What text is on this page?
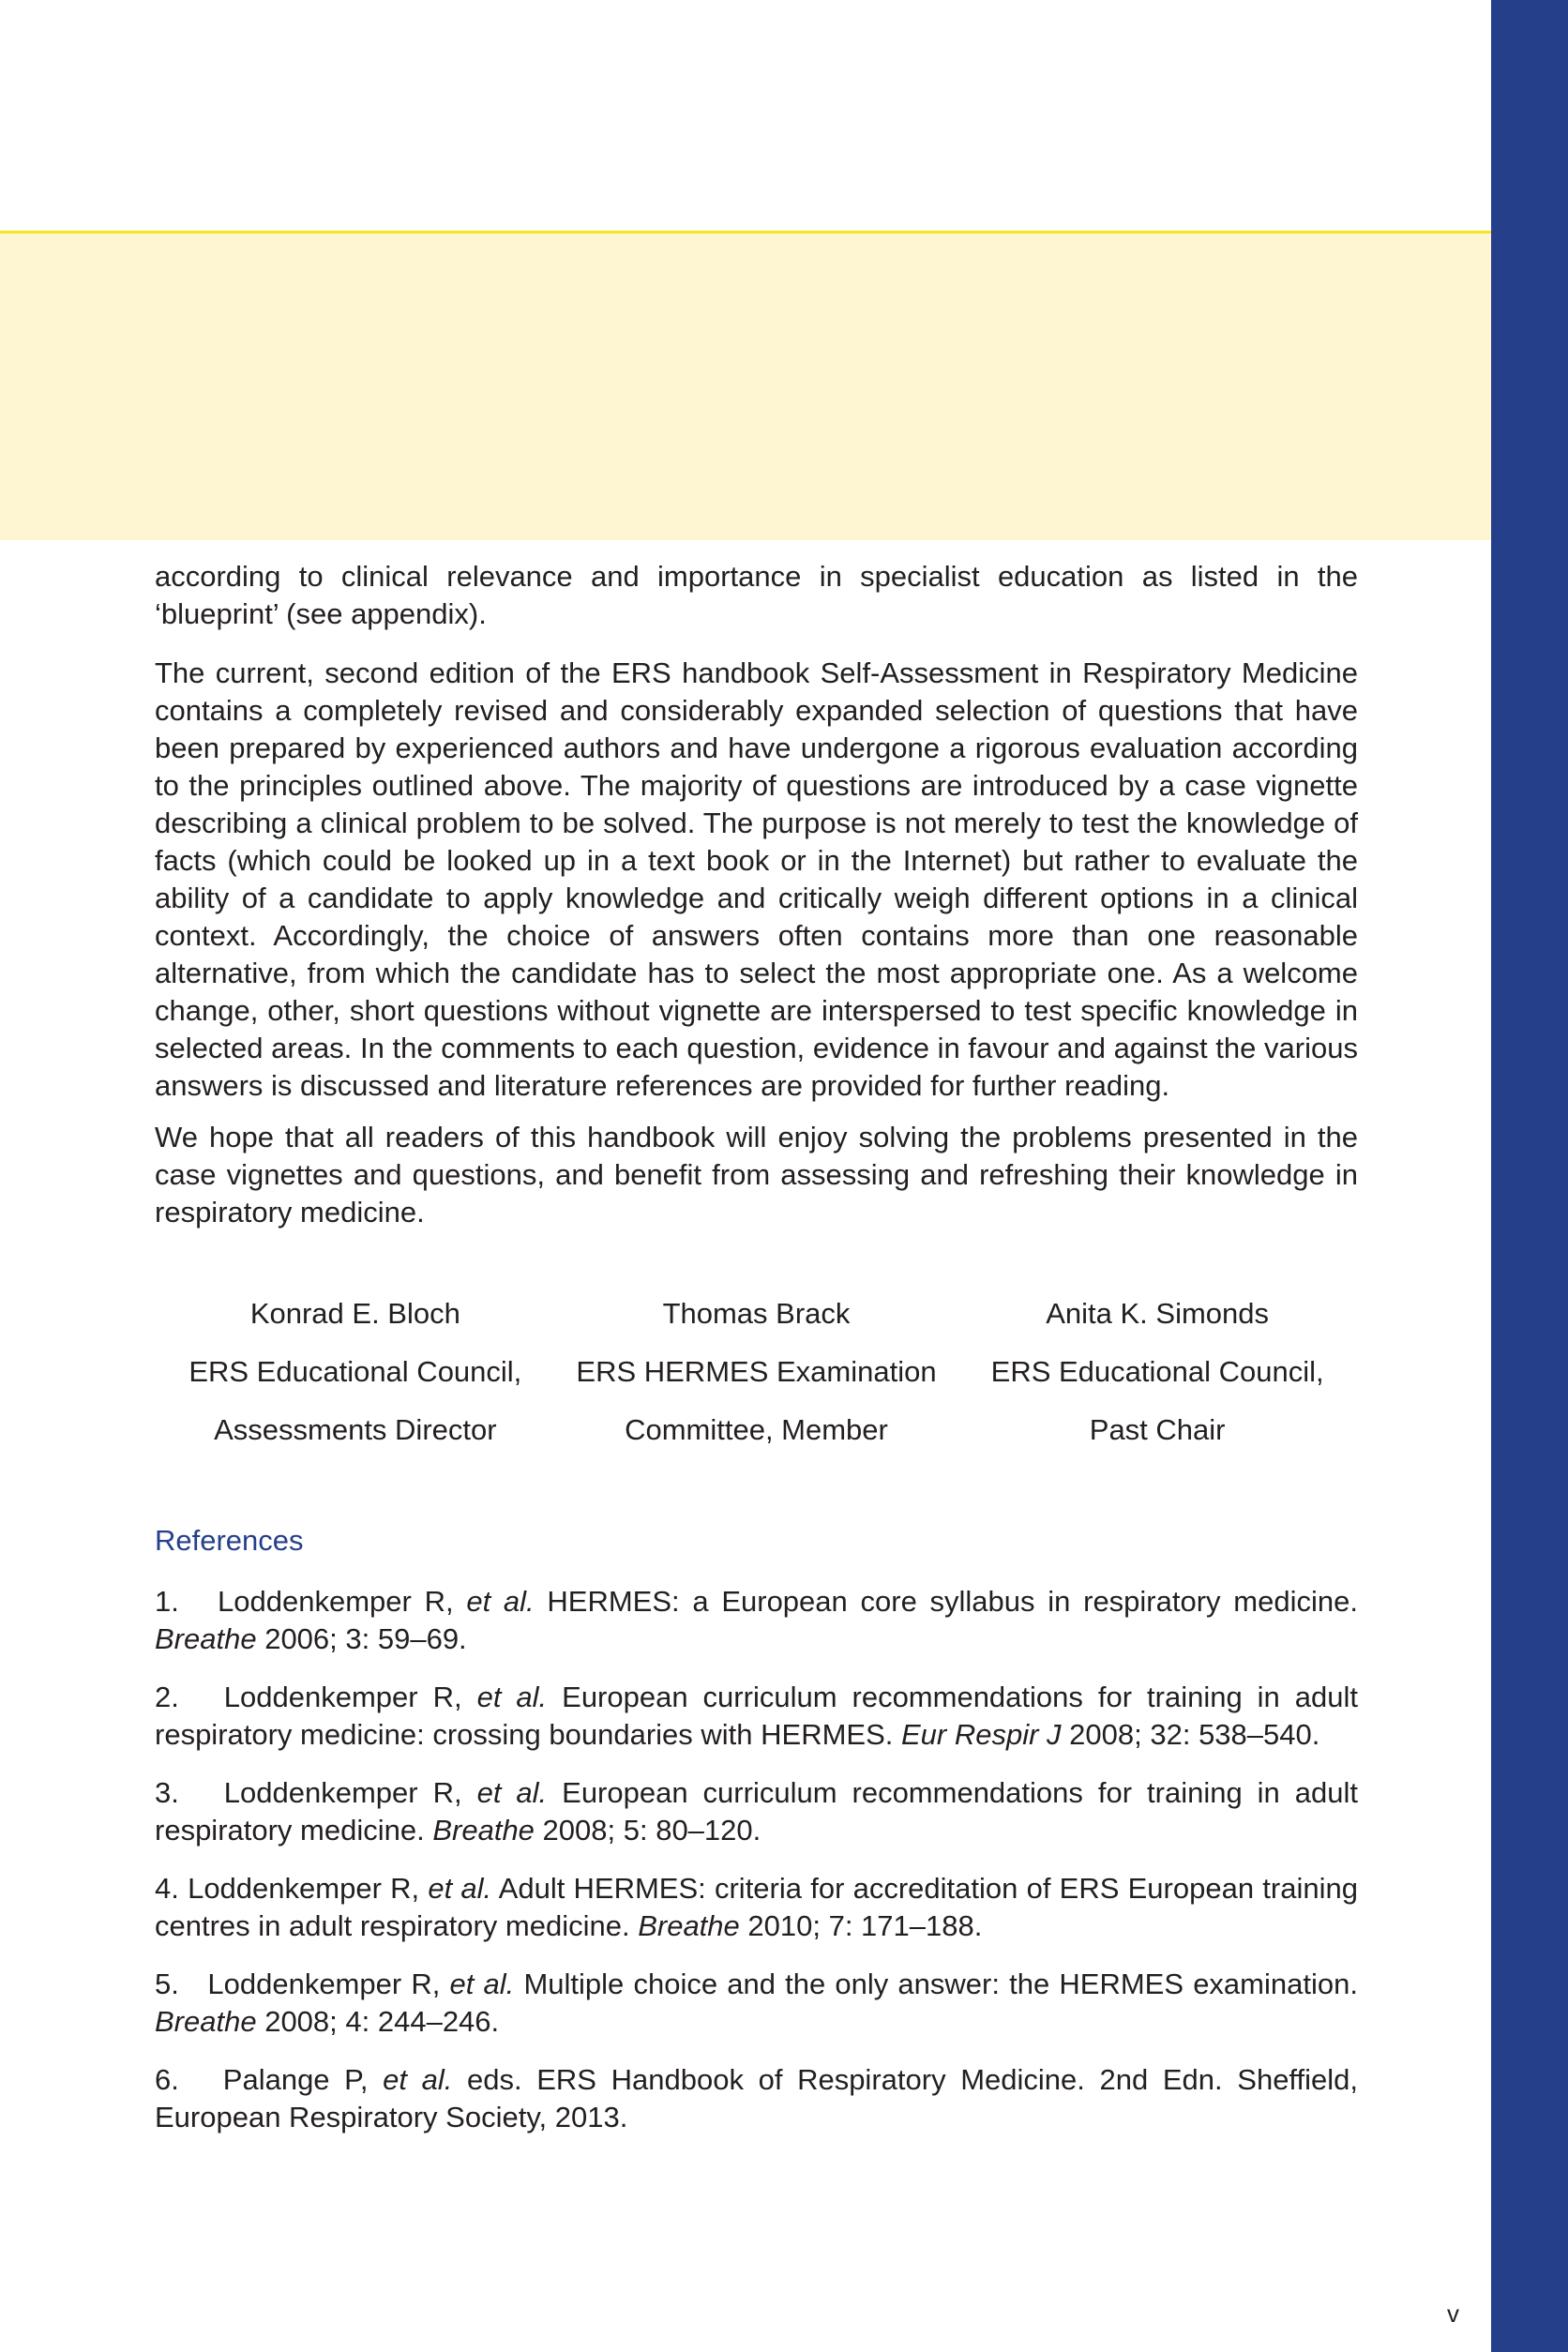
according to clinical relevance and importance in specialist education as listed in the ‘blueprint’ (see appendix).

The current, second edition of the ERS handbook Self-Assessment in Respiratory Medicine contains a completely revised and considerably expanded selection of questions that have been prepared by experienced authors and have undergone a rigorous evaluation according to the principles outlined above. The majority of questions are introduced by a case vignette describing a clinical problem to be solved. The purpose is not merely to test the knowledge of facts (which could be looked up in a text book or in the Internet) but rather to evaluate the ability of a candidate to apply knowledge and critically weigh different options in a clinical context. Accordingly, the choice of answers often contains more than one reasonable alternative, from which the candidate has to select the most appropriate one. As a welcome change, other, short questions without vignette are interspersed to test specific knowledge in selected areas. In the comments to each question, evidence in favour and against the various answers is discussed and literature references are provided for further reading.

We hope that all readers of this handbook will enjoy solving the problems presented in the case vignettes and questions, and benefit from assessing and refreshing their knowledge in respiratory medicine.

Konrad E. Bloch
ERS Educational Council,
Assessments Director
Thomas Brack
ERS HERMES Examination
Committee, Member
Anita K. Simonds
ERS Educational Council,
Past Chair
References
1. Loddenkemper R, et al. HERMES: a European core syllabus in respiratory medicine. Breathe 2006; 3: 59–69.
2. Loddenkemper R, et al. European curriculum recommendations for training in adult respiratory medicine: crossing boundaries with HERMES. Eur Respir J 2008; 32: 538–540.
3. Loddenkemper R, et al. European curriculum recommendations for training in adult respiratory medicine. Breathe 2008; 5: 80–120.
4. Loddenkemper R, et al. Adult HERMES: criteria for accreditation of ERS European training centres in adult respiratory medicine. Breathe 2010; 7: 171–188.
5. Loddenkemper R, et al. Multiple choice and the only answer: the HERMES examination. Breathe 2008; 4: 244–246.
6. Palange P, et al. eds. ERS Handbook of Respiratory Medicine. 2nd Edn. Sheffield, European Respiratory Society, 2013.
v
